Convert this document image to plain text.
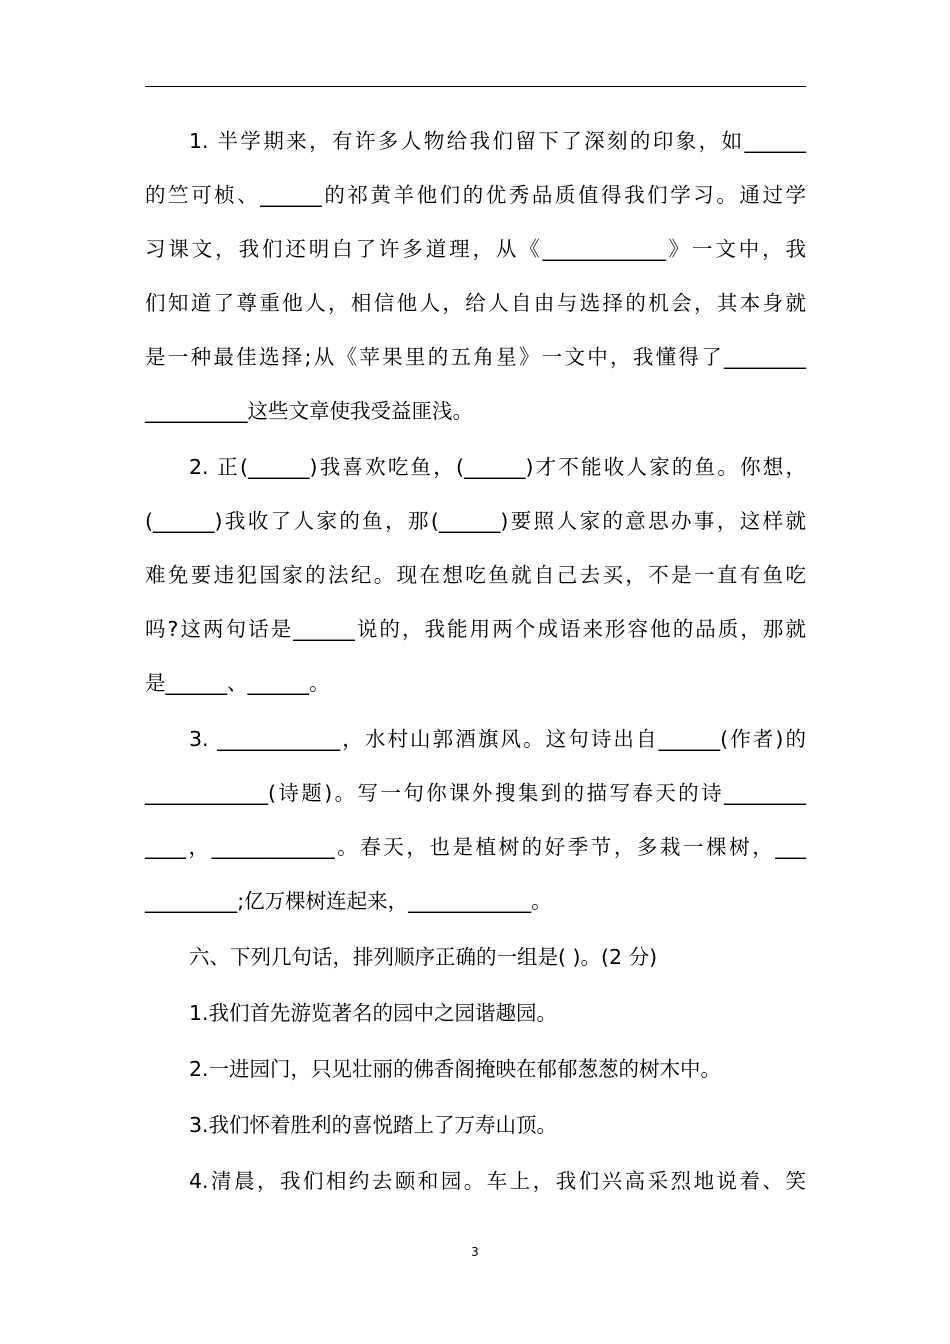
1. 半学期来，有许多人物给我们留下了深刻的印象，如______
的竺可桢、______的祁黄羊他们的优秀品质值得我们学习。通过学
习课文，我们还明白了许多道理，从《____________》一文中，我
们知道了尊重他人，相信他人，给人自由与选择的机会，其本身就
是一种最佳选择;从《苹果里的五角星》一文中，我懂得了________
__________这些文章使我受益匪浅。
2. 正(______)我喜欢吃鱼，(______)才不能收人家的鱼。你想，
(______)我收了人家的鱼，那(______)要照人家的意思办事，这样就
难免要违犯国家的法纪。现在想吃鱼就自己去买，不是一直有鱼吃
吗?这两句话是______说的，我能用两个成语来形容他的品质，那就
是______、______。
3. ____________，水村山郭酒旗风。这句诗出自______(作者)的
____________(诗题)。写一句你课外搜集到的描写春天的诗________
____，____________。春天，也是植树的好季节，多栽一棵树，___
_________;亿万棵树连起来，____________。
六、下列几句话，排列顺序正确的一组是( )。(2 分)
1.我们首先游览著名的园中之园谐趣园。
2.一进园门，只见壮丽的佛香阁掩映在郁郁葱葱的树木中。
3.我们怀着胜利的喜悦踏上了万寿山顶。
4.清晨，我们相约去颐和园。车上，我们兴高采烈地说着、笑
3
